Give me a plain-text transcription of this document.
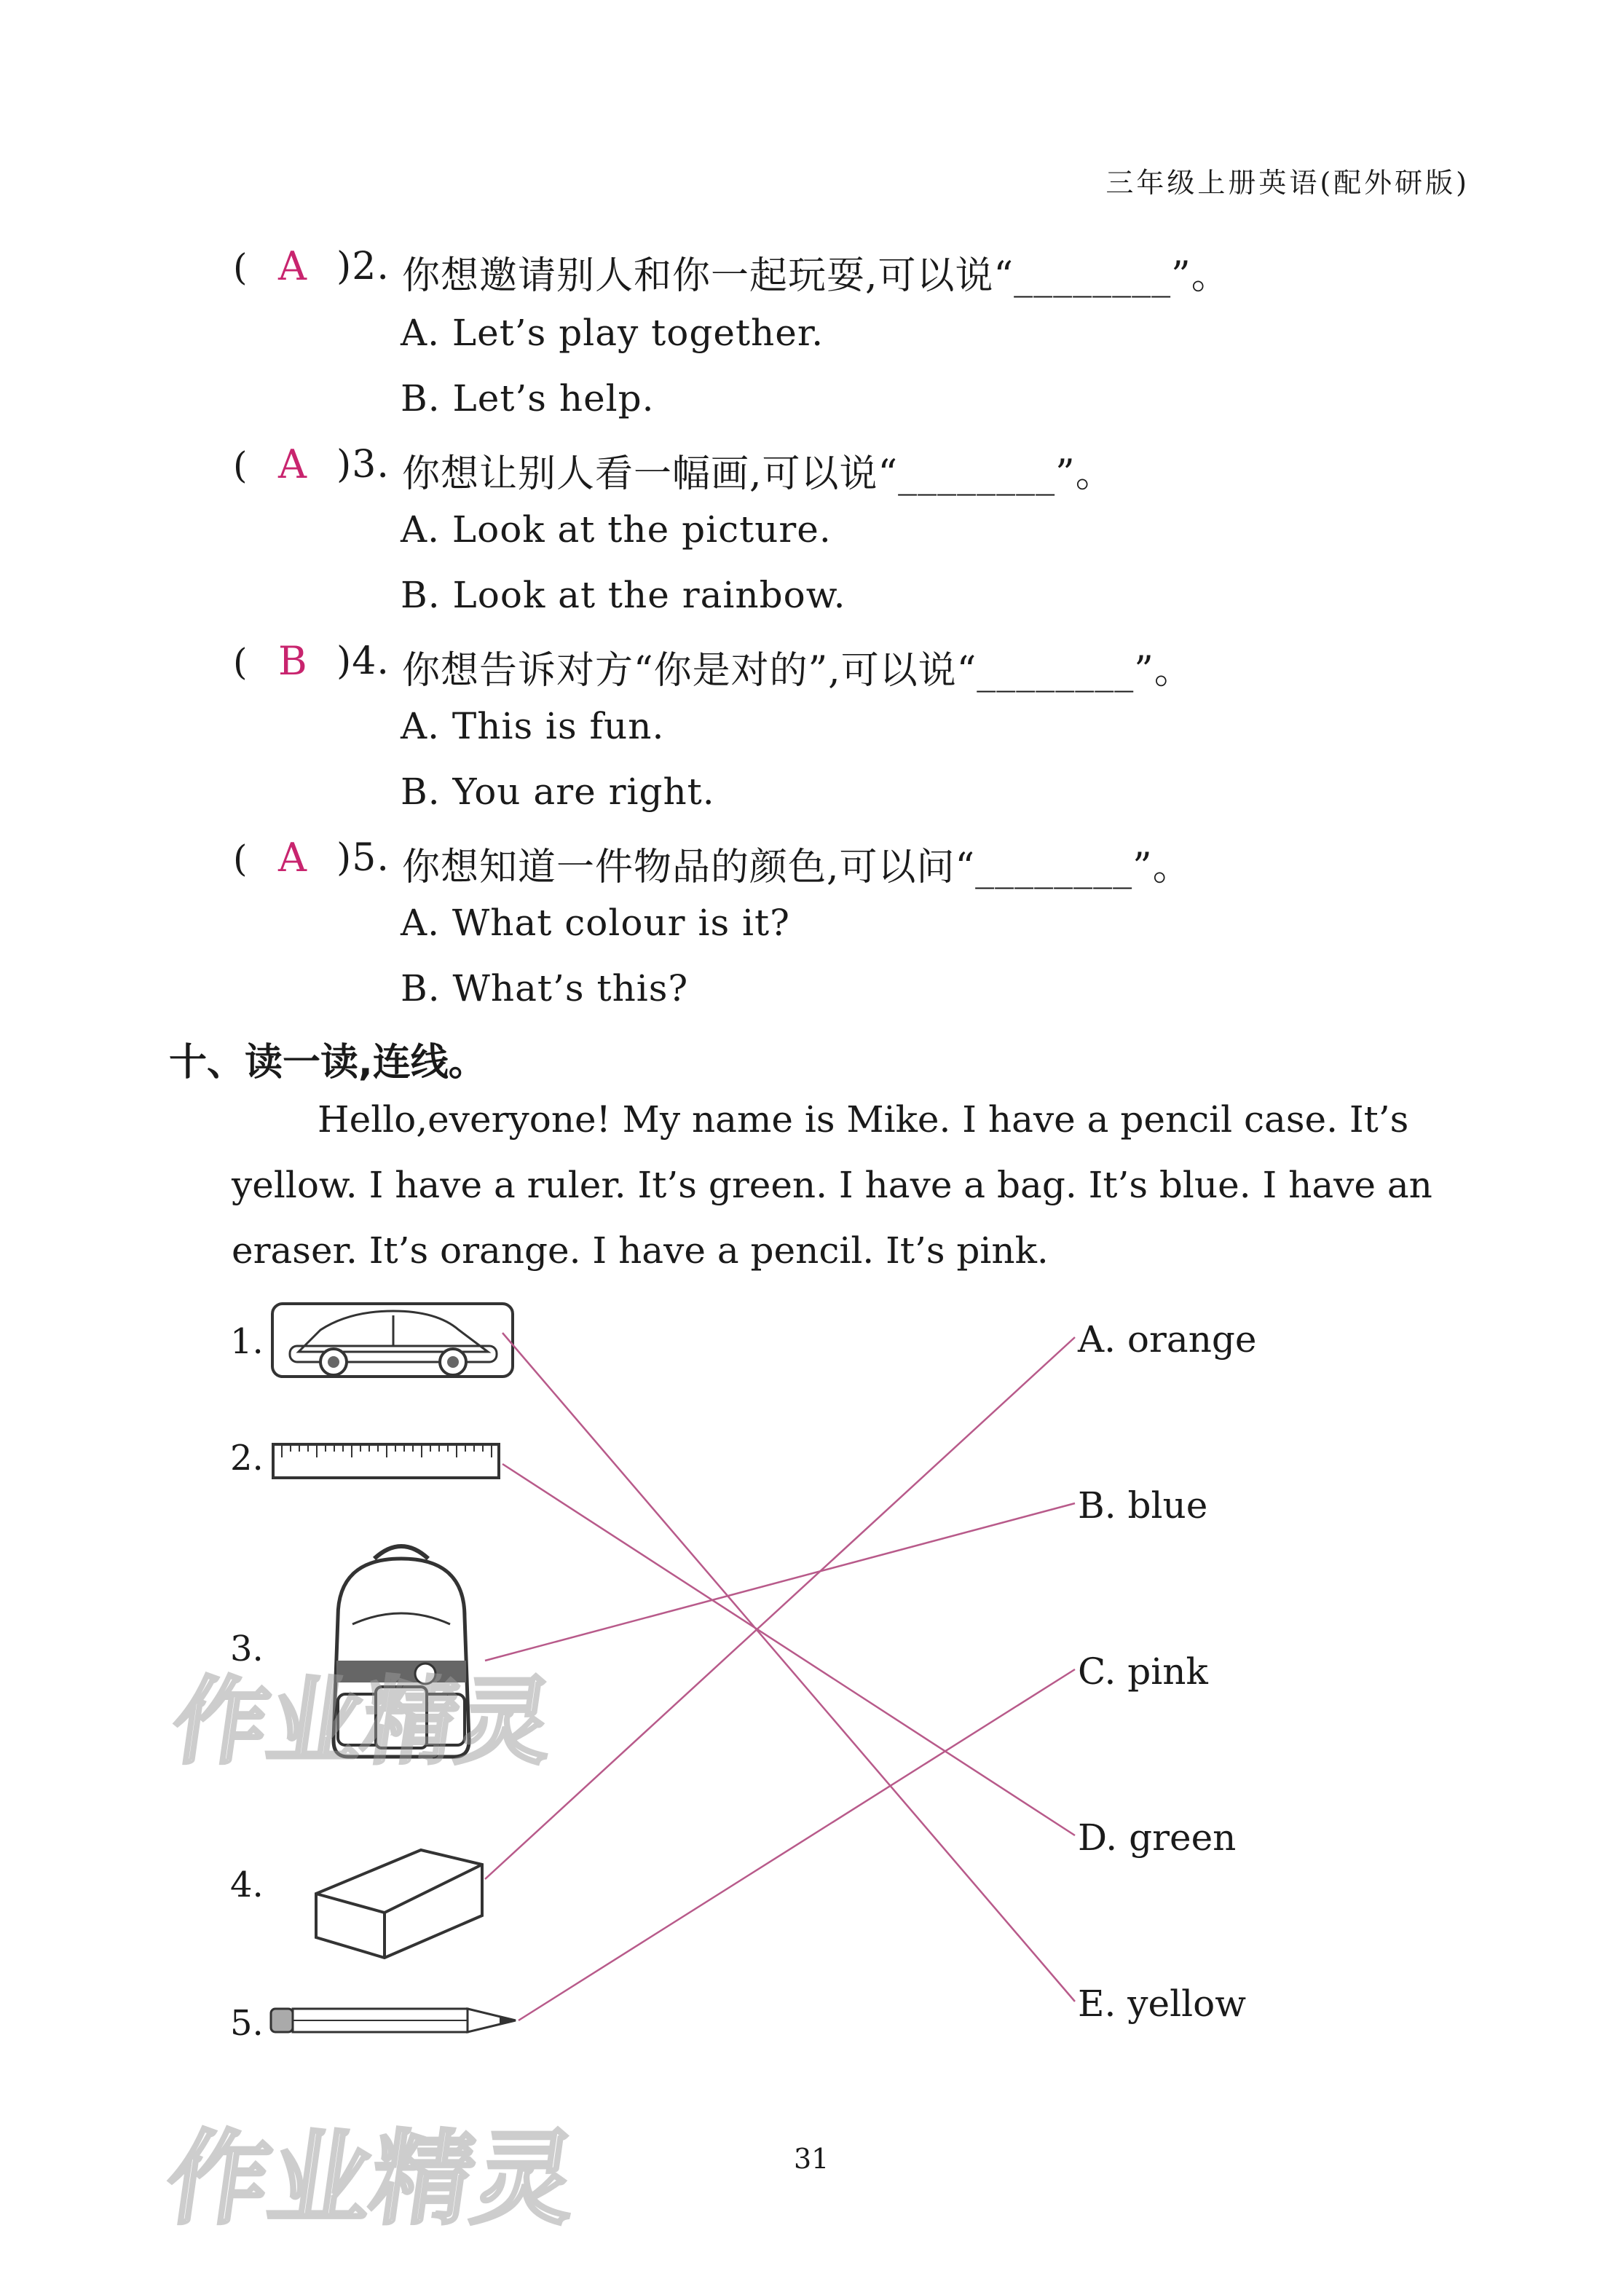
三年级上册英语(配外研版)
( A )2. 你想邀请别人和你一起玩耍,可以说“________”。
A. Let’s play together.
B. Let’s help.
( A )3. 你想让别人看一幅画,可以说“________”。
A. Look at the picture.
B. Look at the rainbow.
( B )4. 你想告诉对方“你是对的”,可以说“________”。
A. This is fun.
B. You are right.
( A )5. 你想知道一件物品的颜色,可以问“________”。
A. What colour is it?
B. What’s this?
十、读一读,连线。
Hello,everyone! My name is Mike. I have a pencil case. It’s yellow. I have a ruler. It’s green. I have a bag. It’s blue. I have an eraser. It’s orange. I have a pencil. It’s pink.
1.
2.
3.
4.
5.
A. orange
B. blue
C. pink
D. green
E. yellow
作业精灵
作业精灵	31
